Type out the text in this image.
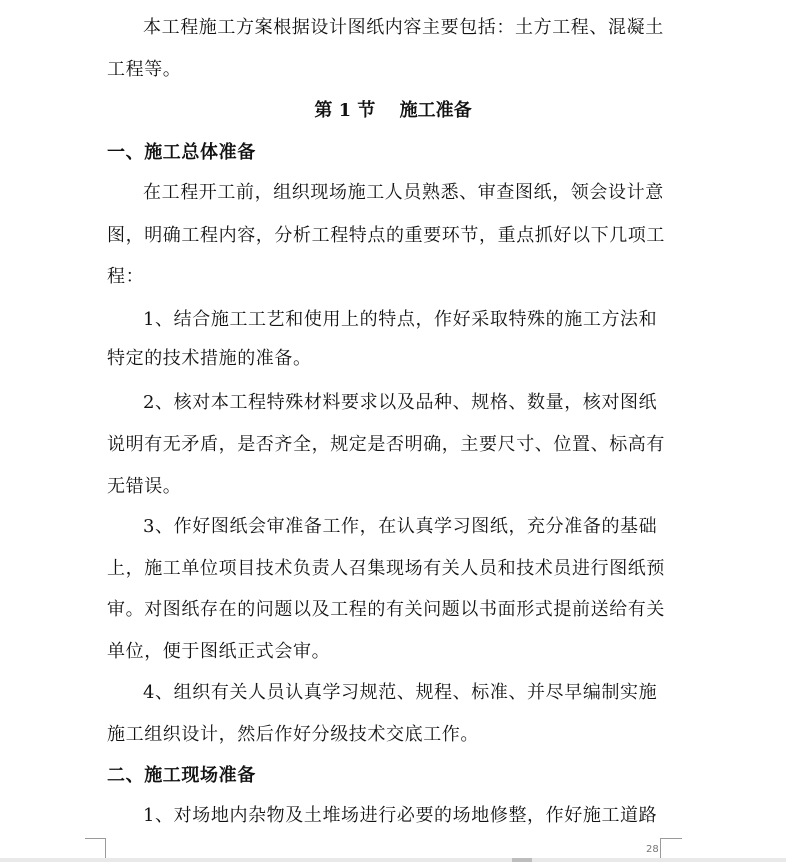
本工程施工方案根据设计图纸内容主要包括：土方工程、混凝土
工程等。
第 1 节　 施工准备
一、施工总体准备
在工程开工前，组织现场施工人员熟悉、审查图纸，领会设计意
图，明确工程内容，分析工程特点的重要环节，重点抓好以下几项工
程：
1、结合施工工艺和使用上的特点，作好采取特殊的施工方法和
特定的技术措施的准备。
2、核对本工程特殊材料要求以及品种、规格、数量，核对图纸
说明有无矛盾，是否齐全，规定是否明确，主要尺寸、位置、标高有
无错误。
3、作好图纸会审准备工作，在认真学习图纸，充分准备的基础
上，施工单位项目技术负责人召集现场有关人员和技术员进行图纸预
审。对图纸存在的问题以及工程的有关问题以书面形式提前送给有关
单位，便于图纸正式会审。
4、组织有关人员认真学习规范、规程、标准、并尽早编制实施
施工组织设计，然后作好分级技术交底工作。
二、施工现场准备
1、对场地内杂物及土堆场进行必要的场地修整，作好施工道路
28
